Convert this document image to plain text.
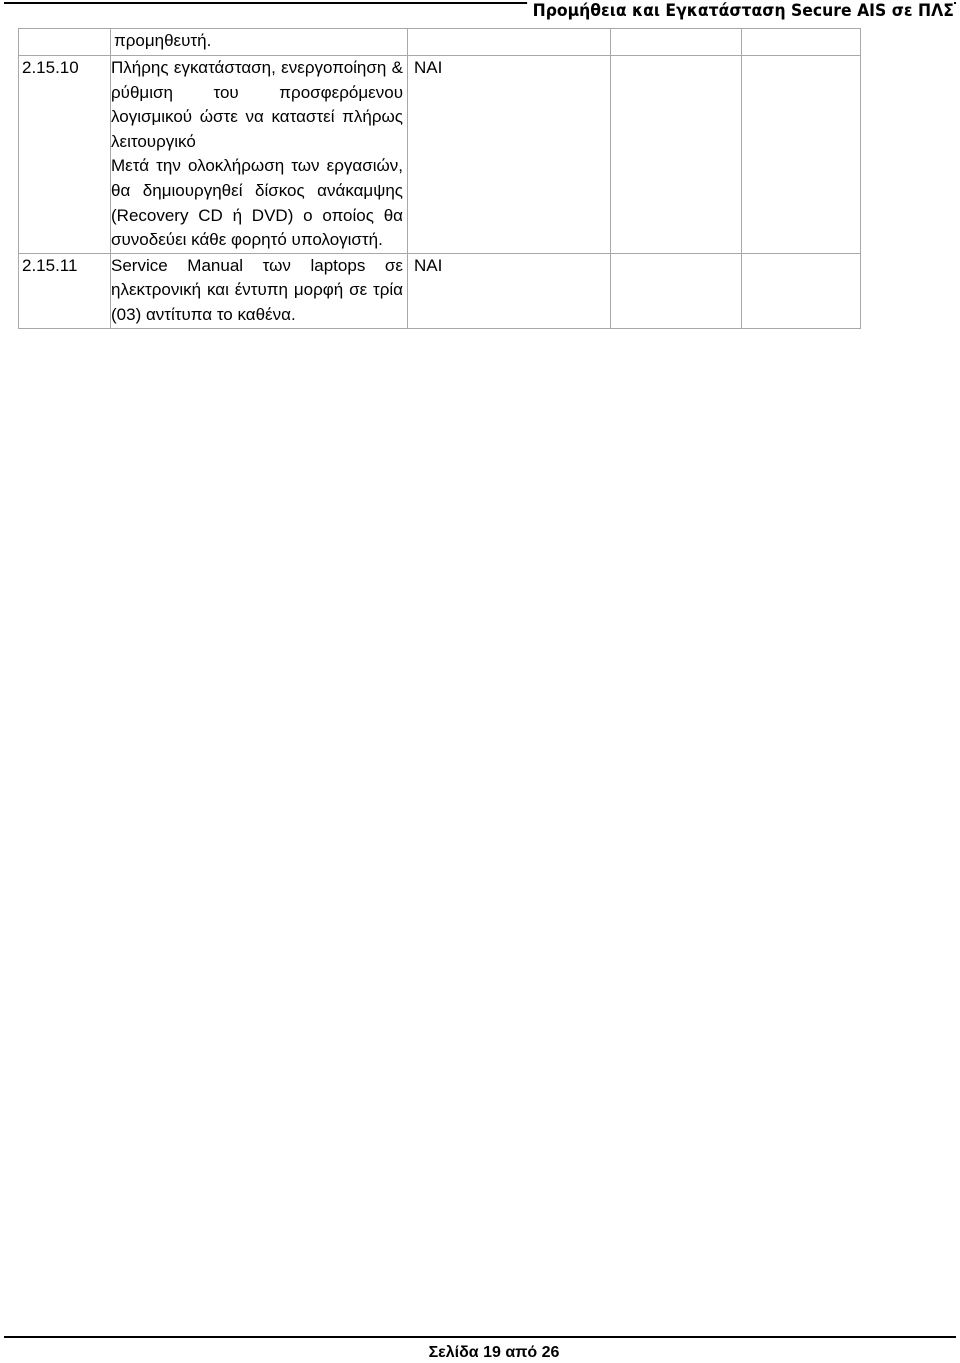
Προμήθεια και Εγκατάσταση Secure AIS σε ΠΛΣ
	προμηθευτή.			
2.15.10	Πλήρης εγκατάσταση, ενεργοποίηση & ρύθμιση του προσφερόμενου λογισμικού ώστε να καταστεί πλήρως λειτουργικό
Μετά την ολοκλήρωση των εργασιών, θα δημιουργηθεί δίσκος ανάκαμψης (Recovery CD ή DVD) ο οποίος θα συνοδεύει κάθε φορητό υπολογιστή.	ΝΑΙ		
2.15.11	Service Manual των laptops σε ηλεκτρονική και έντυπη μορφή σε τρία (03) αντίτυπα το καθένα.	ΝΑΙ		
Σελίδα 19 από 26
